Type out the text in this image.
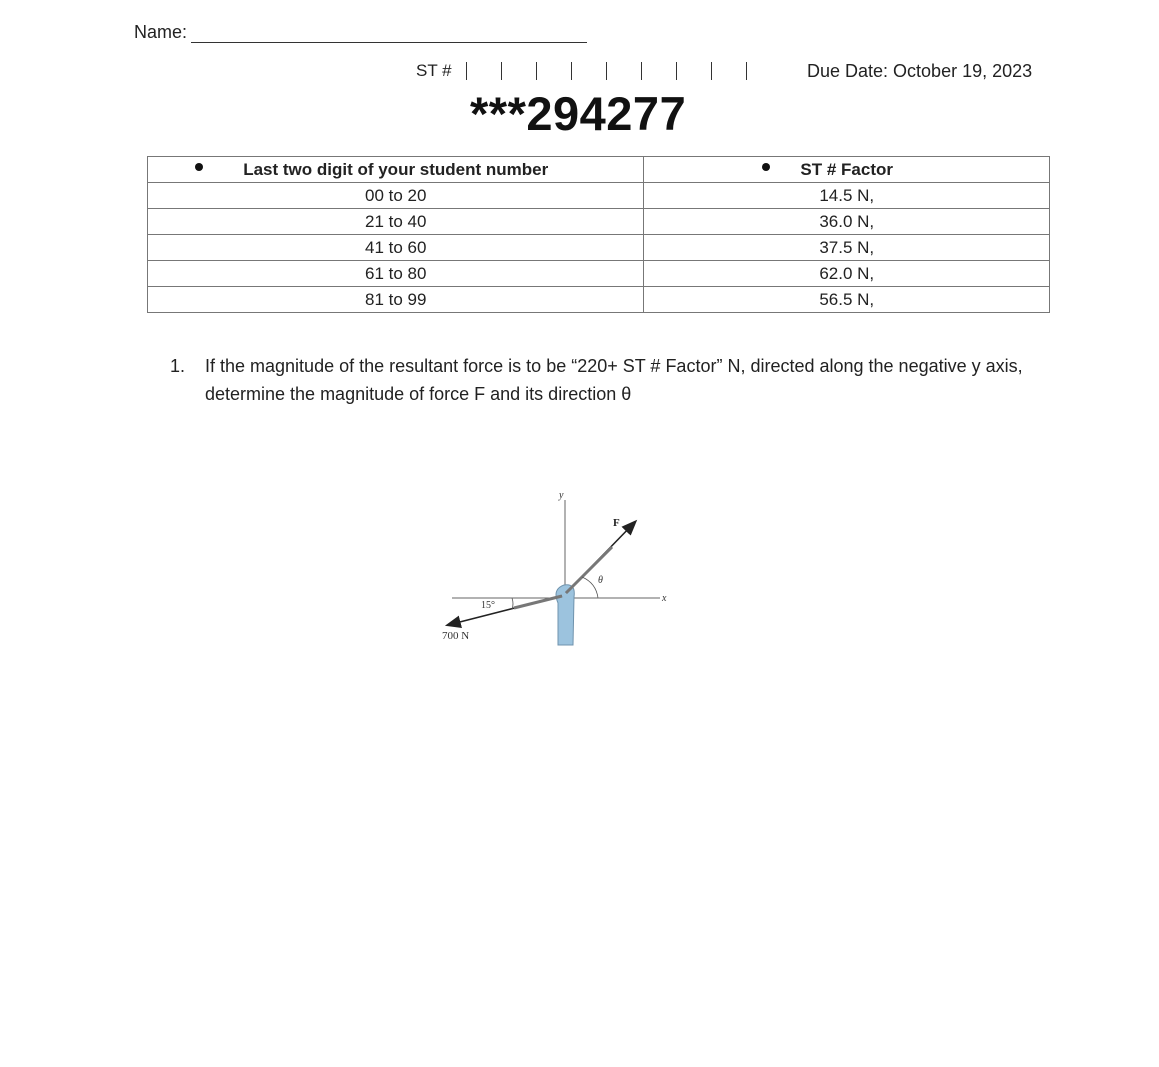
Name:
ST #	Due Date: October 19, 2023
***294277
Last two digit of your student number	ST # Factor

00 to 20	14.5 N,
21 to 40	36.0 N,
41 to 60	37.5 N,
61 to 80	62.0 N,
81 to 99	56.5 N,
1. If the magnitude of the resultant force is to be “220+ ST # Factor” N, directed along the negative y axis, determine the magnitude of force F and its direction θ
y
x
θ
15°
F
700 N
